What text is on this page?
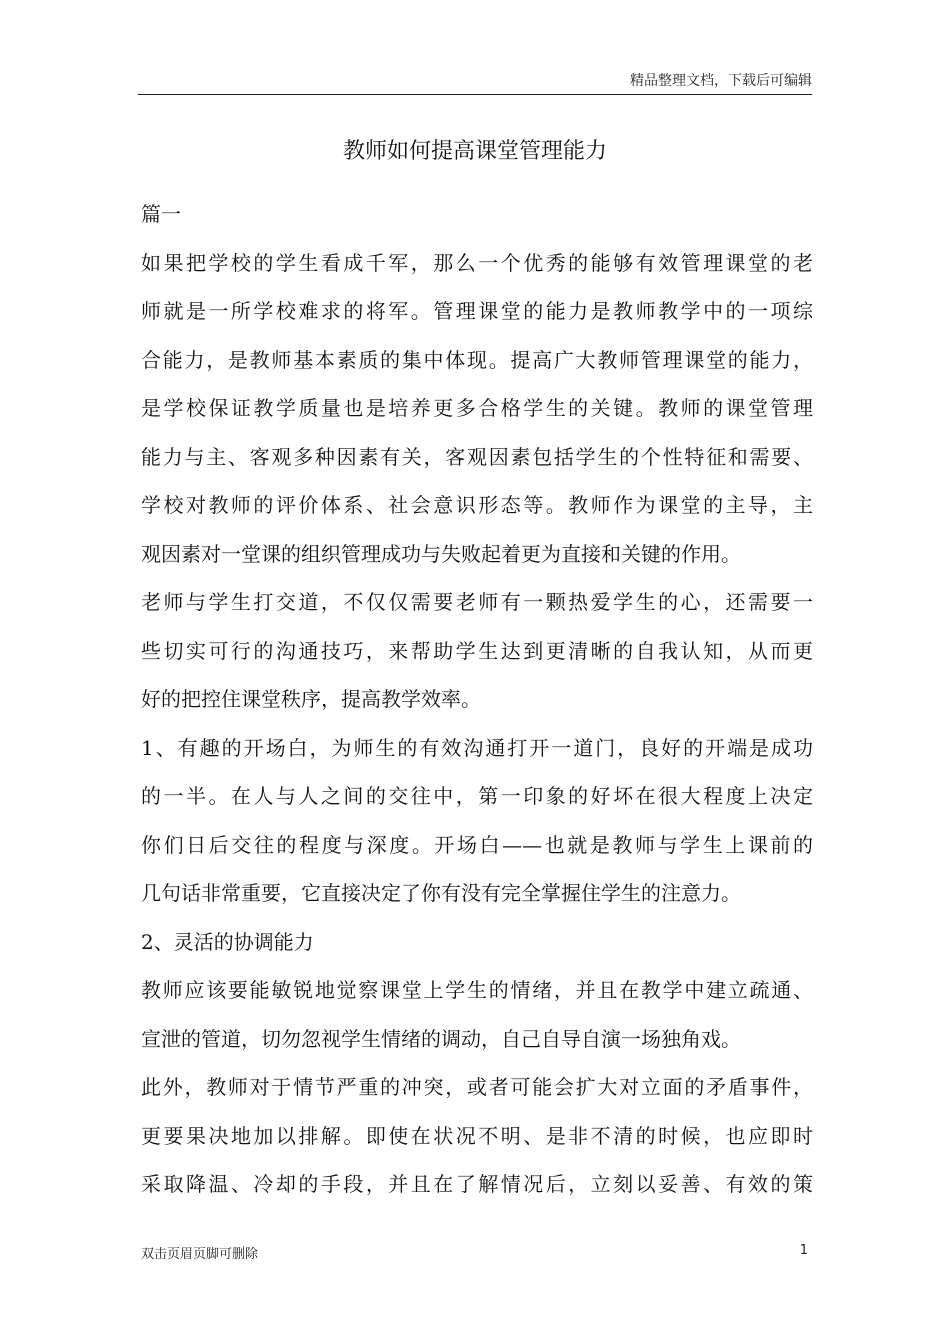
精品整理文档，下载后可编辑
教师如何提高课堂管理能力
篇一
如果把学校的学生看成千军，那么一个优秀的能够有效管理课堂的老
师就是一所学校难求的将军。管理课堂的能力是教师教学中的一项综
合能力，是教师基本素质的集中体现。提高广大教师管理课堂的能力，
是学校保证教学质量也是培养更多合格学生的关键。教师的课堂管理
能力与主、客观多种因素有关，客观因素包括学生的个性特征和需要、
学校对教师的评价体系、社会意识形态等。教师作为课堂的主导，主
观因素对一堂课的组织管理成功与失败起着更为直接和关键的作用。
老师与学生打交道，不仅仅需要老师有一颗热爱学生的心，还需要一
些切实可行的沟通技巧，来帮助学生达到更清晰的自我认知，从而更
好的把控住课堂秩序，提高教学效率。
1、有趣的开场白，为师生的有效沟通打开一道门，良好的开端是成功
的一半。在人与人之间的交往中，第一印象的好坏在很大程度上决定
你们日后交往的程度与深度。开场白——也就是教师与学生上课前的
几句话非常重要，它直接决定了你有没有完全掌握住学生的注意力。
2、灵活的协调能力
教师应该要能敏锐地觉察课堂上学生的情绪，并且在教学中建立疏通、
宣泄的管道，切勿忽视学生情绪的调动，自己自导自演一场独角戏。
此外，教师对于情节严重的冲突，或者可能会扩大对立面的矛盾事件，
更要果决地加以排解。即使在状况不明、是非不清的时候，也应即时
采取降温、冷却的手段，并且在了解情况后，立刻以妥善、有效的策
双击页眉页脚可删除	1
